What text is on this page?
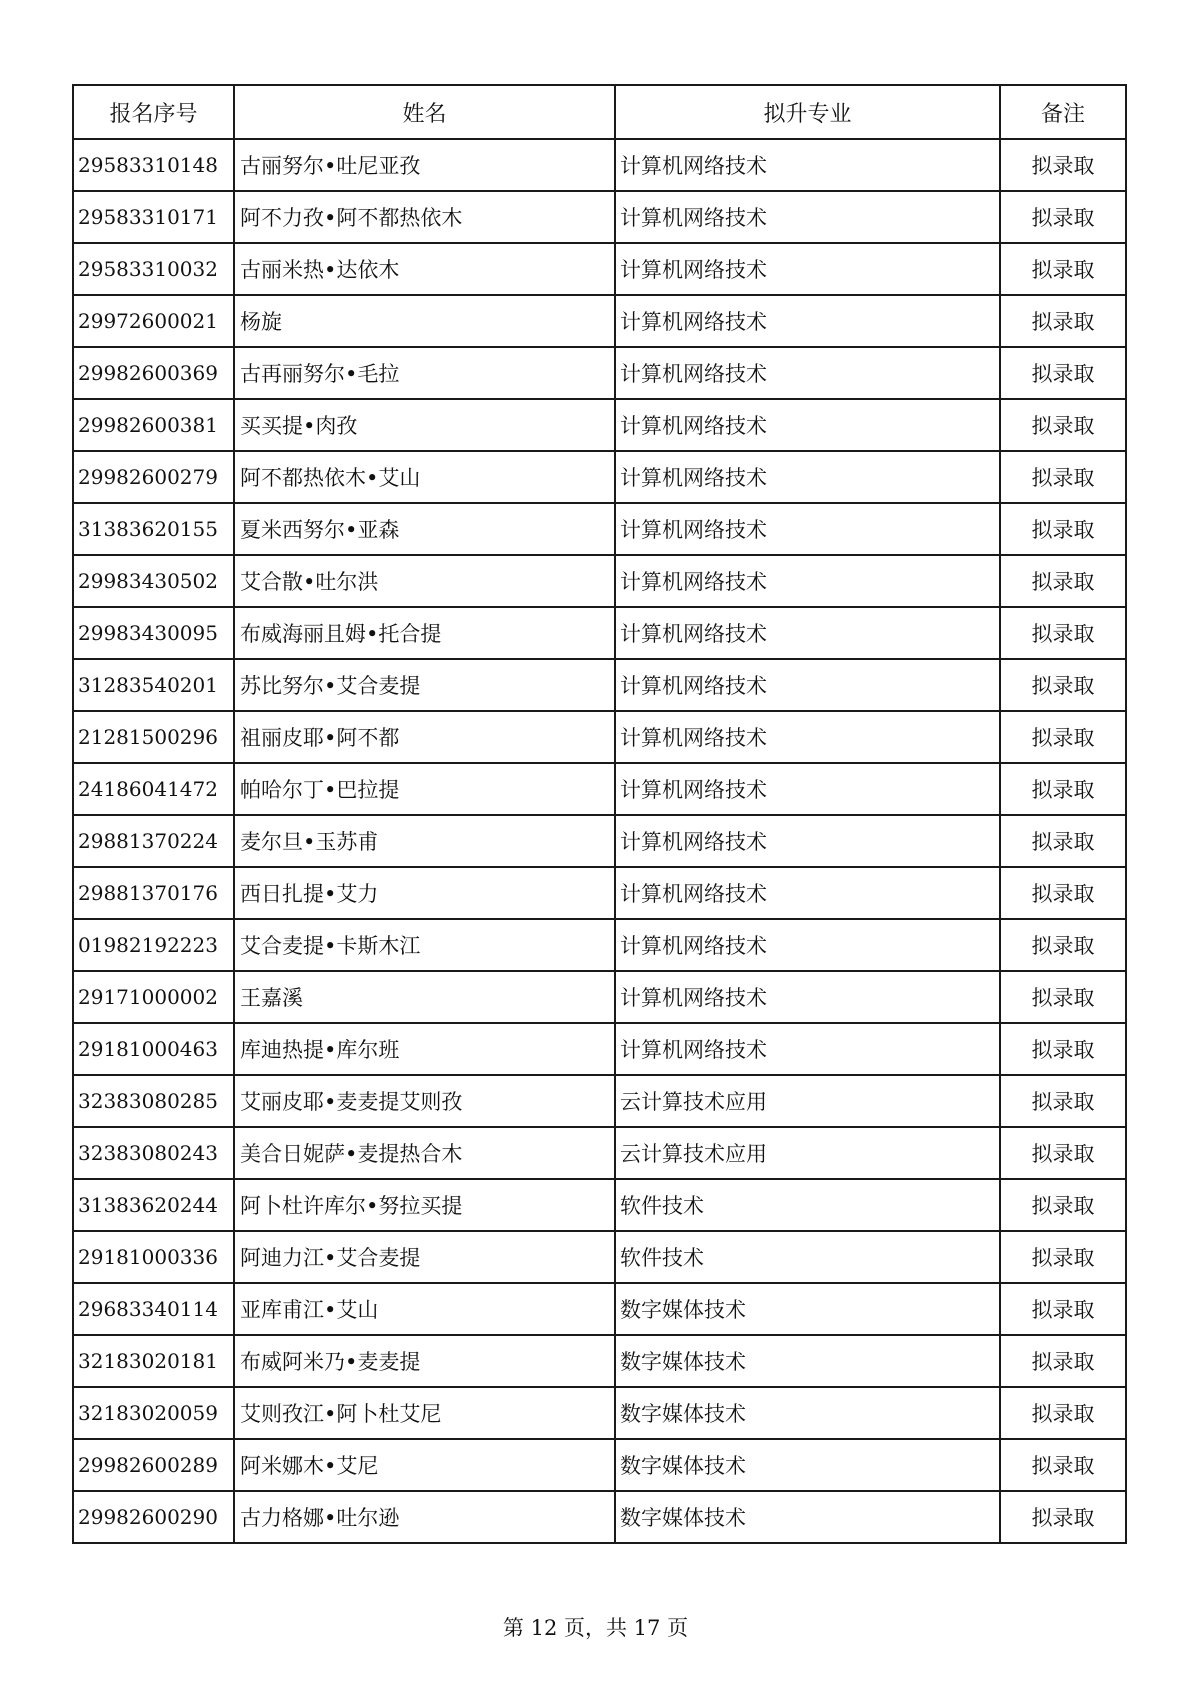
报名序号	姓名	拟升专业	备注
29583310148	古丽努尔•吐尼亚孜	计算机网络技术	拟录取
29583310171	阿不力孜•阿不都热依木	计算机网络技术	拟录取
29583310032	古丽米热•达依木	计算机网络技术	拟录取
29972600021	杨旋	计算机网络技术	拟录取
29982600369	古再丽努尔•毛拉	计算机网络技术	拟录取
29982600381	买买提•肉孜	计算机网络技术	拟录取
29982600279	阿不都热依木•艾山	计算机网络技术	拟录取
31383620155	夏米西努尔•亚森	计算机网络技术	拟录取
29983430502	艾合散•吐尔洪	计算机网络技术	拟录取
29983430095	布威海丽且姆•托合提	计算机网络技术	拟录取
31283540201	苏比努尔•艾合麦提	计算机网络技术	拟录取
21281500296	祖丽皮耶•阿不都	计算机网络技术	拟录取
24186041472	帕哈尔丁•巴拉提	计算机网络技术	拟录取
29881370224	麦尔旦•玉苏甫	计算机网络技术	拟录取
29881370176	西日扎提•艾力	计算机网络技术	拟录取
01982192223	艾合麦提•卡斯木江	计算机网络技术	拟录取
29171000002	王嘉溪	计算机网络技术	拟录取
29181000463	库迪热提•库尔班	计算机网络技术	拟录取
32383080285	艾丽皮耶•麦麦提艾则孜	云计算技术应用	拟录取
32383080243	美合日妮萨•麦提热合木	云计算技术应用	拟录取
31383620244	阿卜杜许库尔•努拉买提	软件技术	拟录取
29181000336	阿迪力江•艾合麦提	软件技术	拟录取
29683340114	亚库甫江•艾山	数字媒体技术	拟录取
32183020181	布威阿米乃•麦麦提	数字媒体技术	拟录取
32183020059	艾则孜江•阿卜杜艾尼	数字媒体技术	拟录取
29982600289	阿米娜木•艾尼	数字媒体技术	拟录取
29982600290	古力格娜•吐尔逊	数字媒体技术	拟录取
第 12 页，共 17 页
